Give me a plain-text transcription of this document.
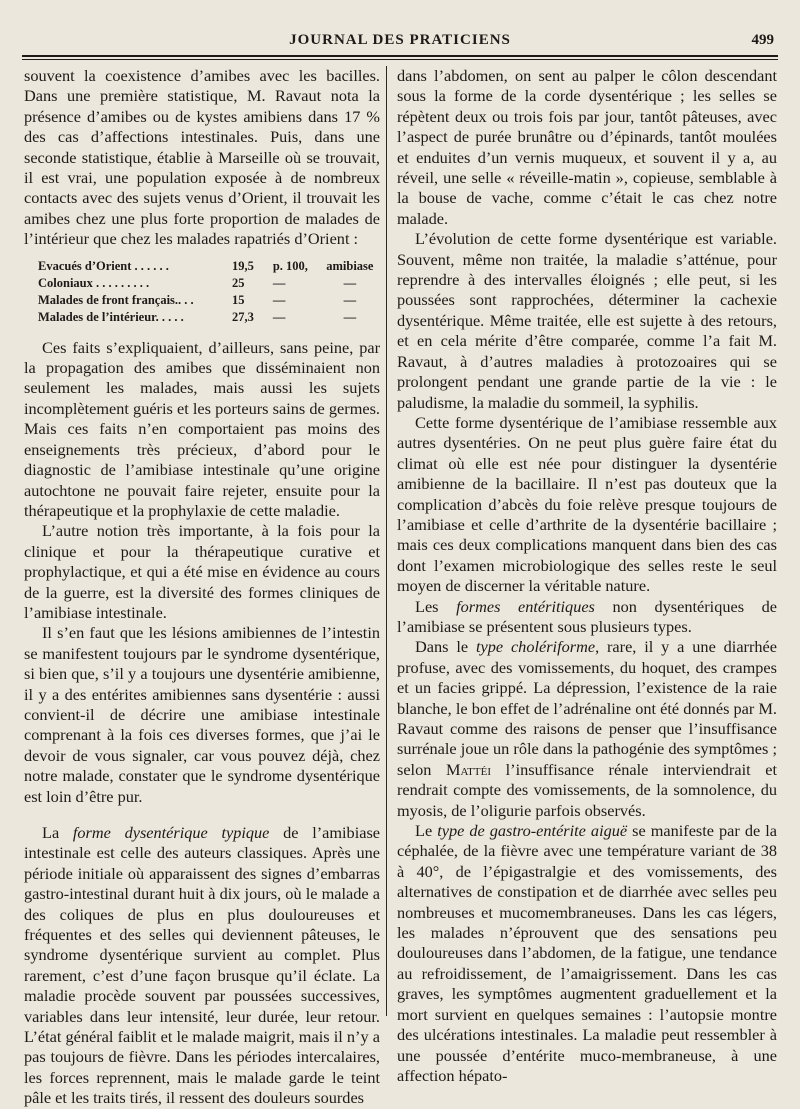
JOURNAL DES PRATICIENS	499

souvent la coexistence d’amibes avec les bacilles. Dans une première statistique, M. Ravaut nota la présence d’amibes ou de kystes amibiens dans 17 % des cas d’affections intestinales. Puis, dans une seconde statistique, établie à Marseille où se trouvait, il est vrai, une population exposée à de nombreux contacts avec des sujets venus d’Orient, il trouvait les amibes chez une plus forte proportion de malades de l’intérieur que chez les malades rapatriés d’Orient :

Evacués d’Orient . . . . . .	19,5	p. 100,	amibiase
Coloniaux . . . . . . . . .	25	—	—
Malades de front français.. . .	15	—	—
Malades de l’intérieur. . . . .	27,3	—	—

Ces faits s’expliquaient, d’ailleurs, sans peine, par la propagation des amibes que disséminaient non seulement les malades, mais aussi les sujets incomplètement guéris et les porteurs sains de germes. Mais ces faits n’en comportaient pas moins des enseignements très précieux, d’abord pour le diagnostic de l’amibiase intestinale qu’une origine autochtone ne pouvait faire rejeter, ensuite pour la thérapeutique et la prophylaxie de cette maladie.

L’autre notion très importante, à la fois pour la clinique et pour la thérapeutique curative et prophylactique, et qui a été mise en évidence au cours de la guerre, est la diversité des formes cliniques de l’amibiase intestinale.

Il s’en faut que les lésions amibiennes de l’intestin se manifestent toujours par le syndrome dysentérique, si bien que, s’il y a toujours une dysentérie amibienne, il y a des entérites amibiennes sans dysentérie : aussi convient-il de décrire une amibiase intestinale comprenant à la fois ces diverses formes, que j’ai le devoir de vous signaler, car vous pouvez déjà, chez notre malade, constater que le syndrome dysentérique est loin d’être pur.

La forme dysentérique typique de l’amibiase intestinale est celle des auteurs classiques. Après une période initiale où apparaissent des signes d’embarras gastro-intestinal durant huit à dix jours, où le malade a des coliques de plus en plus douloureuses et fréquentes et des selles qui deviennent pâteuses, le syndrome dysentérique survient au complet. Plus rarement, c’est d’une façon brusque qu’il éclate. La maladie procède souvent par poussées successives, variables dans leur intensité, leur durée, leur retour. L’état général faiblit et le malade maigrit, mais il n’y a pas toujours de fièvre. Dans les périodes intercalaires, les forces reprennent, mais le malade garde le teint pâle et les traits tirés, il ressent des douleurs sourdes

dans l’abdomen, on sent au palper le côlon descendant sous la forme de la corde dysentérique ; les selles se répètent deux ou trois fois par jour, tantôt pâteuses, avec l’aspect de purée brunâtre ou d’épinards, tantôt moulées et enduites d’un vernis muqueux, et souvent il y a, au réveil, une selle « réveille-matin », copieuse, semblable à la bouse de vache, comme c’était le cas chez notre malade.

L’évolution de cette forme dysentérique est variable. Souvent, même non traitée, la maladie s’atténue, pour reprendre à des intervalles éloignés ; elle peut, si les poussées sont rapprochées, déterminer la cachexie dysentérique. Même traitée, elle est sujette à des retours, et en cela mérite d’être comparée, comme l’a fait M. Ravaut, à d’autres maladies à protozoaires qui se prolongent pendant une grande partie de la vie : le paludisme, la maladie du sommeil, la syphilis.

Cette forme dysentérique de l’amibiase ressemble aux autres dysentéries. On ne peut plus guère faire état du climat où elle est née pour distinguer la dysentérie amibienne de la bacillaire. Il n’est pas douteux que la complication d’abcès du foie relève presque toujours de l’amibiase et celle d’arthrite de la dysentérie bacillaire ; mais ces deux complications manquent dans bien des cas dont l’examen microbiologique des selles reste le seul moyen de discerner la véritable nature.

Les formes entéritiques non dysentériques de l’amibiase se présentent sous plusieurs types.

Dans le type cholériforme, rare, il y a une diarrhée profuse, avec des vomissements, du hoquet, des crampes et un facies grippé. La dépression, l’existence de la raie blanche, le bon effet de l’adrénaline ont été donnés par M. Ravaut comme des raisons de penser que l’insuffisance surrénale joue un rôle dans la pathogénie des symptômes ; selon Mattéi l’insuffisance rénale interviendrait et rendrait compte des vomissements, de la somnolence, du myosis, de l’oligurie parfois observés.

Le type de gastro-entérite aiguë se manifeste par de la céphalée, de la fièvre avec une température variant de 38 à 40°, de l’épigastralgie et des vomissements, des alternatives de constipation et de diarrhée avec selles peu nombreuses et mucomembraneuses. Dans les cas légers, les malades n’éprouvent que des sensations peu douloureuses dans l’abdomen, de la fatigue, une tendance au refroidissement, de l’amaigrissement. Dans les cas graves, les symptômes augmentent graduellement et la mort survient en quelques semaines : l’autopsie montre des ulcérations intestinales. La maladie peut ressembler à une poussée d’entérite muco-membraneuse, à une affection hépato-
